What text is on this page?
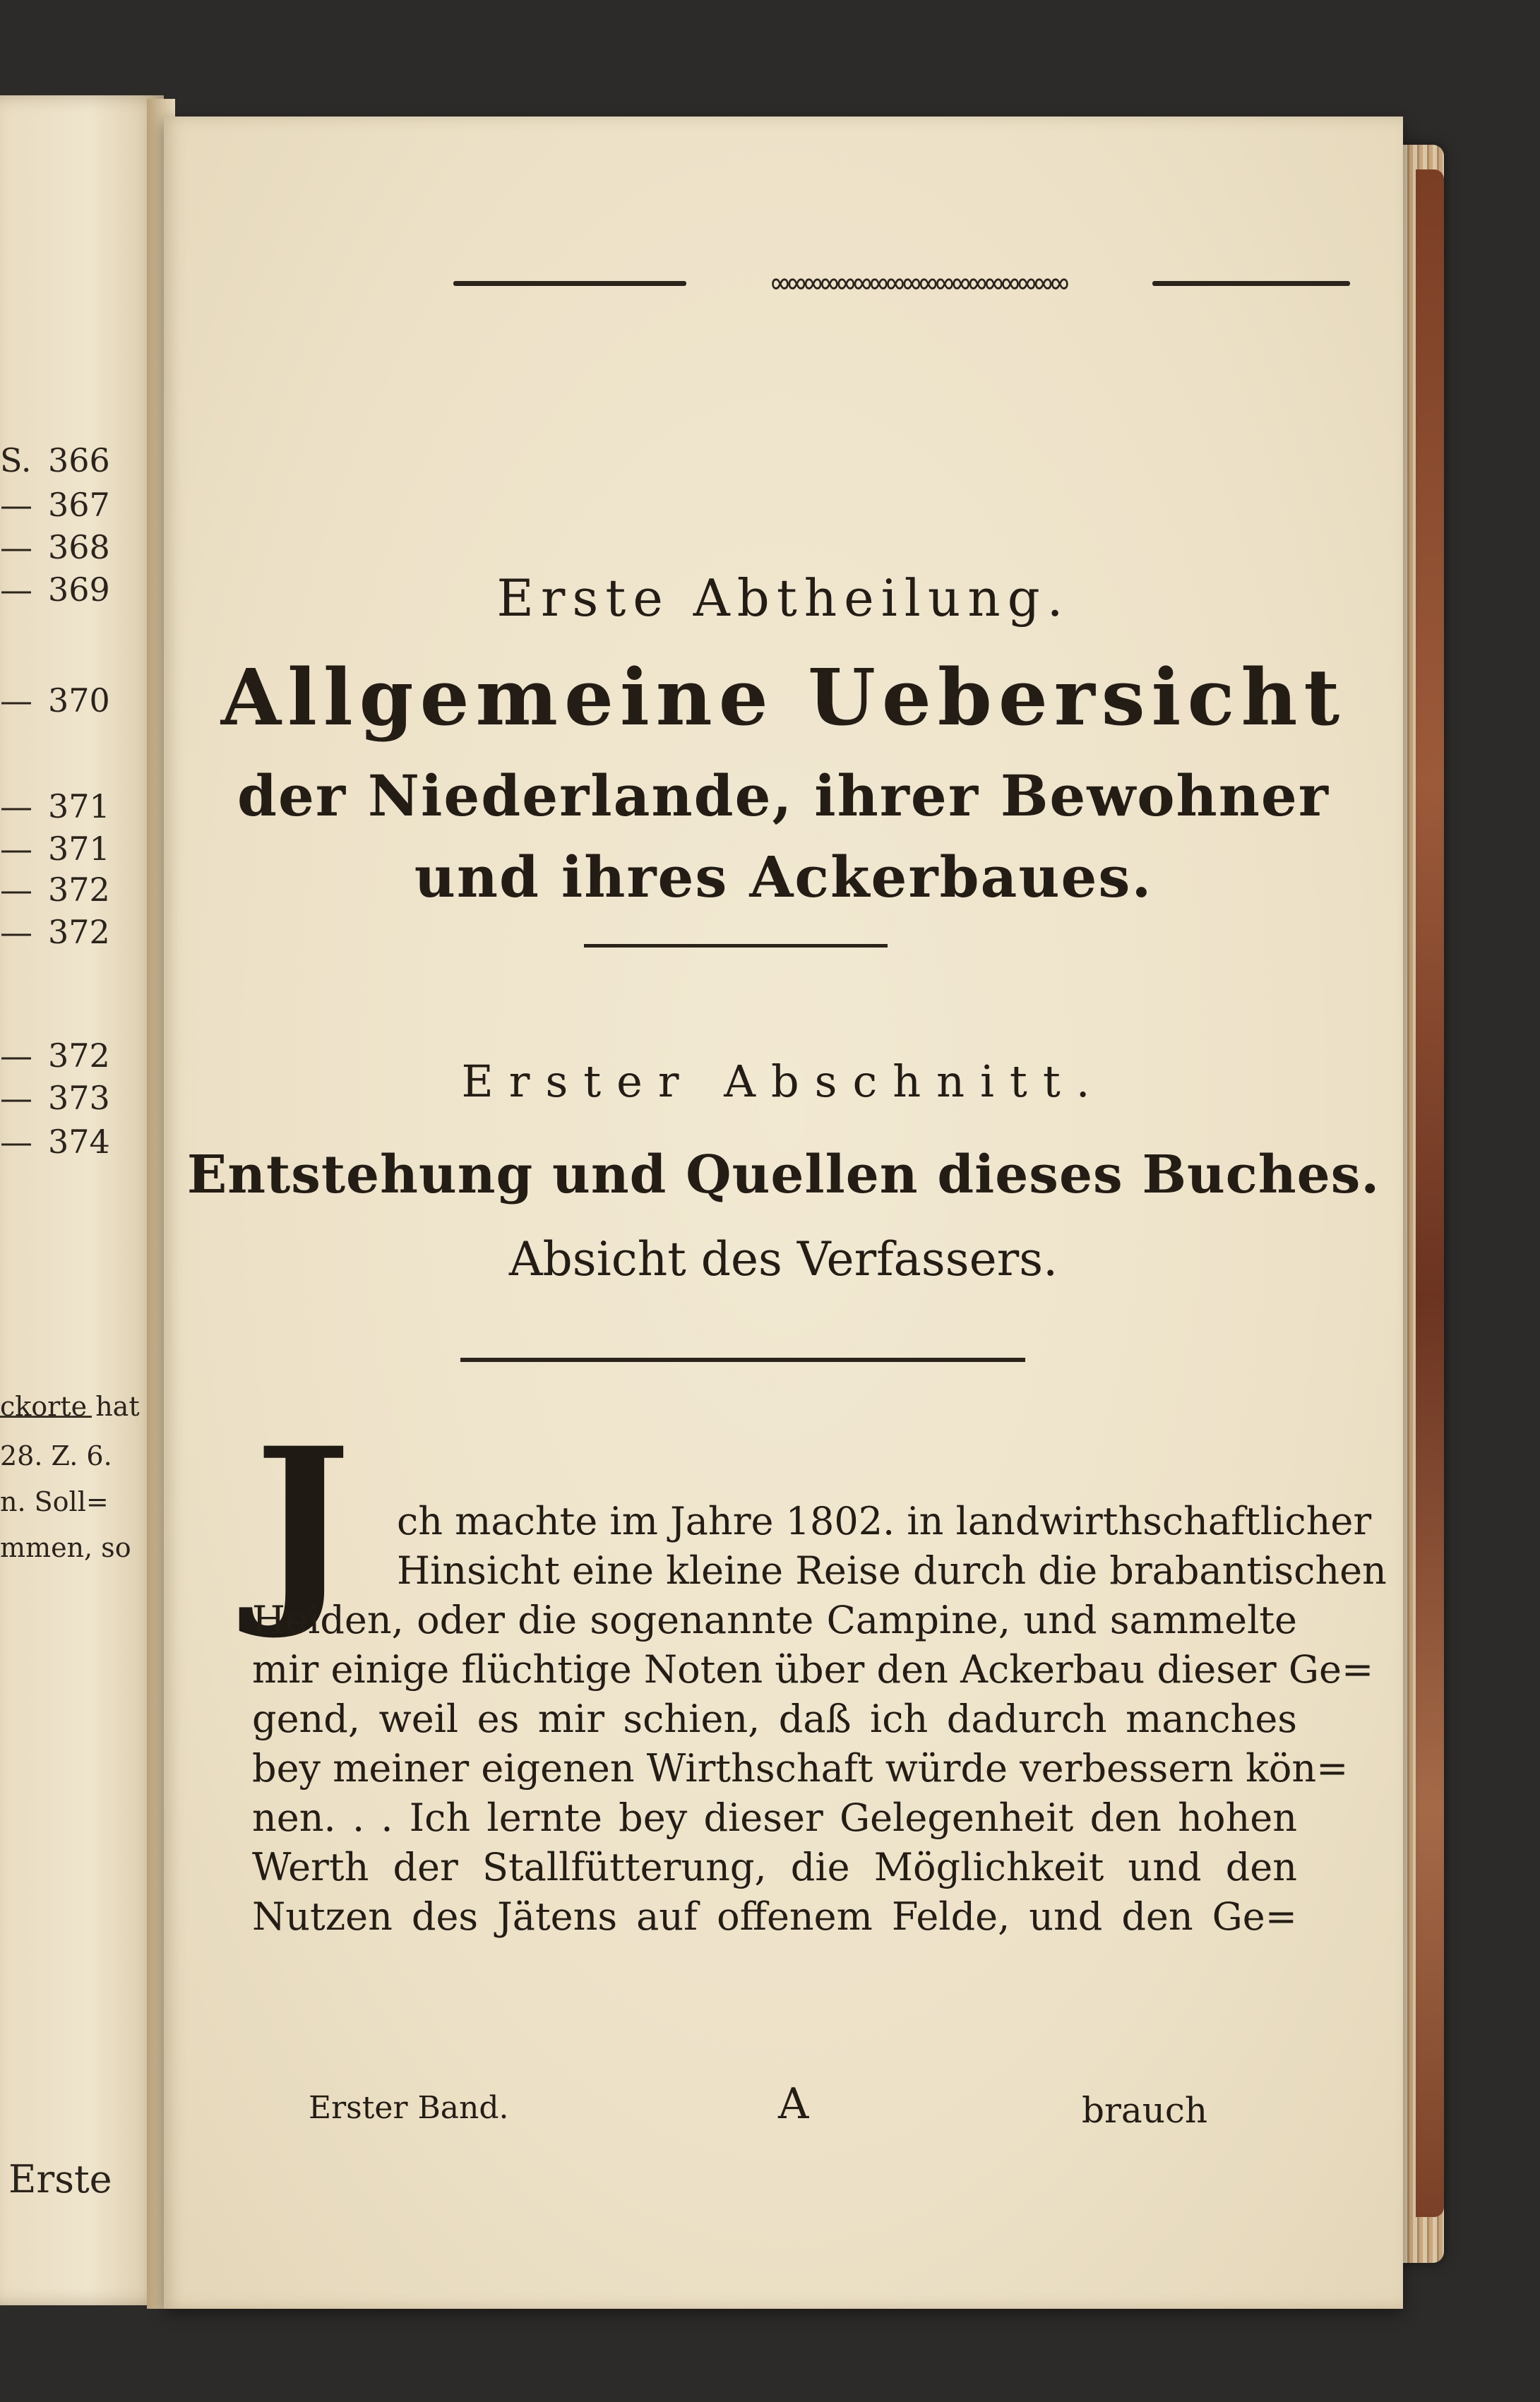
S. 366
— 367
— 368
— 369
— 370
— 371
— 371
— 372
— 372
— 372
— 373
— 374
ckorte hat
28. Z. 6.
n. Soll=
mmen, so
Erste
∞∞∞∞∞∞∞∞∞∞∞∞∞∞∞∞∞∞
Erste Abtheilung.
Allgemeine Uebersicht
der Niederlande, ihrer Bewohner
und ihres Ackerbaues.
Erster Abschnitt.
Entstehung und Quellen dieses Buches.
Absicht des Verfassers.
J ch machte im Jahre 1802. in landwirthschaftlicher
Hinsicht eine kleine Reise durch die brabantischen
Heiden, oder die sogenannte Campine, und sammelte
mir einige flüchtige Noten über den Ackerbau dieser Ge=
gend, weil es mir schien, daß ich dadurch manches
bey meiner eigenen Wirthschaft würde verbessern kön=
nen. . . Ich lernte bey dieser Gelegenheit den hohen
Werth der Stallfütterung, die Möglichkeit und den
Nutzen des Jätens auf offenem Felde, und den Ge=
Erster Band.	A	brauch
